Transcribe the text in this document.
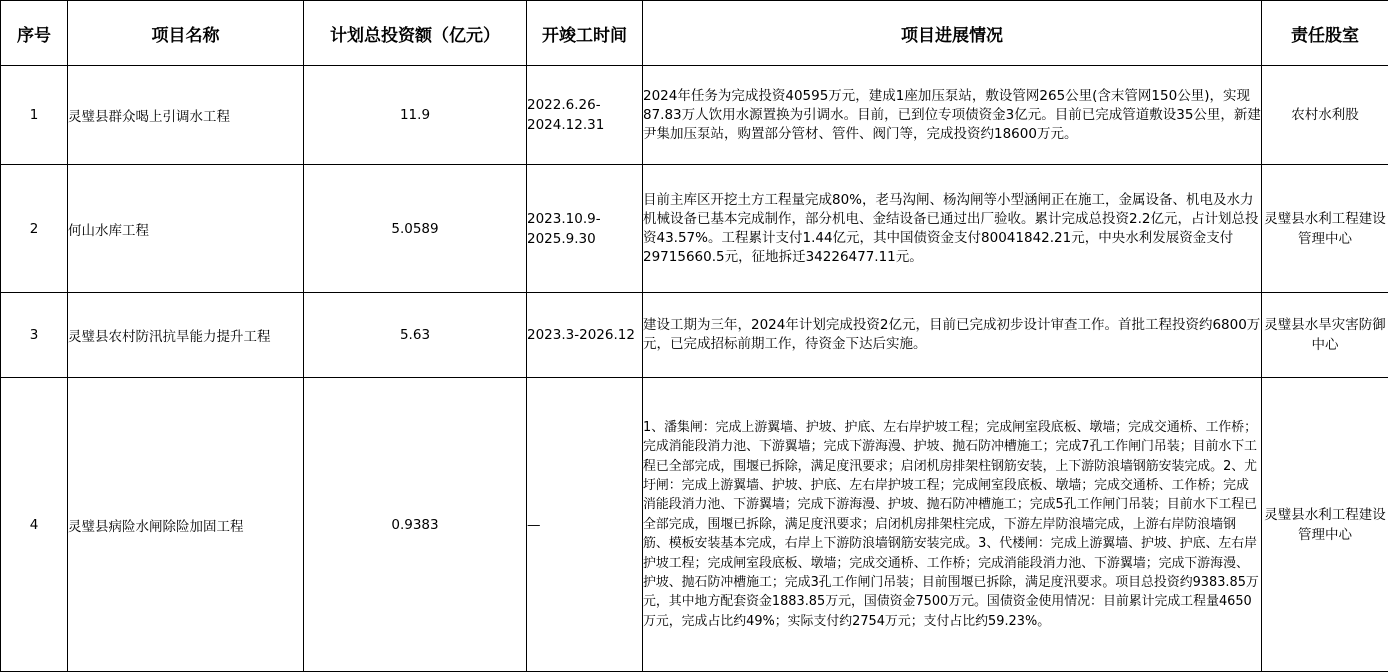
序号	项目名称	计划总投资额（亿元）	开竣工时间	项目进展情况	责任股室
1	灵璧县群众喝上引调水工程	11.9	2022.6.26-2024.12.31	2024年任务为完成投资40595万元，建成1座加压泵站，敷设管网265公里(含末管网150公里)，实现87.83万人饮用水源置换为引调水。目前，已到位专项债资金3亿元。目前已完成管道敷设35公里，新建尹集加压泵站，购置部分管材、管件、阀门等，完成投资约18600万元。	农村水利股
2	何山水库工程	5.0589	2023.10.9-2025.9.30	目前主库区开挖土方工程量完成80%，老马沟闸、杨沟闸等小型涵闸正在施工，金属设备、机电及水力机械设备已基本完成制作，部分机电、金结设备已通过出厂验收。累计完成总投资2.2亿元，占计划总投资43.57%。工程累计支付1.44亿元，其中国债资金支付80041842.21元，中央水利发展资金支付29715660.5元，征地拆迁34226477.11元。	灵璧县水利工程建设管理中心
3	灵璧县农村防汛抗旱能力提升工程	5.63	2023.3-2026.12	建设工期为三年，2024年计划完成投资2亿元，目前已完成初步设计审查工作。首批工程投资约6800万元，已完成招标前期工作，待资金下达后实施。	灵璧县水旱灾害防御中心
4	灵璧县病险水闸除险加固工程	0.9383	—	1、潘集闸：完成上游翼墙、护坡、护底、左右岸护坡工程；完成闸室段底板、墩墙；完成交通桥、工作桥；完成消能段消力池、下游翼墙；完成下游海漫、护坡、抛石防冲槽施工；完成7孔工作闸门吊装；目前水下工程已全部完成，围堰已拆除，满足度汛要求；启闭机房排架柱钢筋安装，上下游防浪墙钢筋安装完成。2、尤圩闸：完成上游翼墙、护坡、护底、左右岸护坡工程；完成闸室段底板、墩墙；完成交通桥、工作桥；完成消能段消力池、下游翼墙；完成下游海漫、护坡、抛石防冲槽施工；完成5孔工作闸门吊装；目前水下工程已全部完成，围堰已拆除，满足度汛要求；启闭机房排架柱完成，下游左岸防浪墙完成，上游右岸防浪墙钢筋、模板安装基本完成，右岸上下游防浪墙钢筋安装完成。3、代楼闸：完成上游翼墙、护坡、护底、左右岸护坡工程；完成闸室段底板、墩墙；完成交通桥、工作桥；完成消能段消力池、下游翼墙；完成下游海漫、护坡、抛石防冲槽施工；完成3孔工作闸门吊装；目前围堰已拆除，满足度汛要求。项目总投资约9383.85万元，其中地方配套资金1883.85万元，国债资金7500万元。国债资金使用情况：目前累计完成工程量4650万元，完成占比约49%；实际支付约2754万元；支付占比约59.23%。	灵璧县水利工程建设管理中心
